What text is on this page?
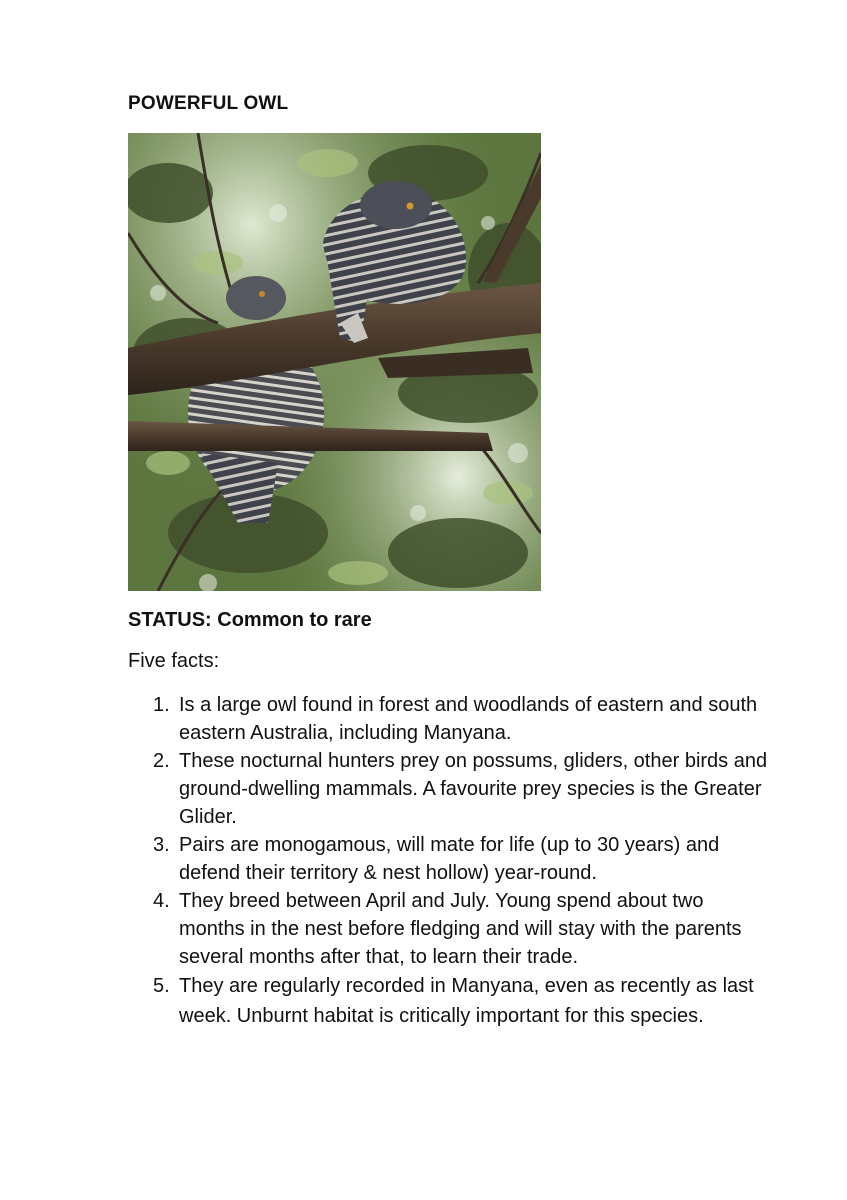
POWERFUL OWL
STATUS: Common to rare

Five facts:

1. Is a large owl found in forest and woodlands of eastern and south eastern Australia, including Manyana.
2. These nocturnal hunters prey on possums, gliders, other birds and ground-dwelling mammals. A favourite prey species is the Greater Glider.
3. Pairs are monogamous, will mate for life (up to 30 years) and defend their territory & nest hollow) year-round.
4. They breed between April and July. Young spend about two months in the nest before fledging and will stay with the parents several months after that, to learn their trade.
5. They are regularly recorded in Manyana, even as recently as last week. Unburnt habitat is critically important for this species.
